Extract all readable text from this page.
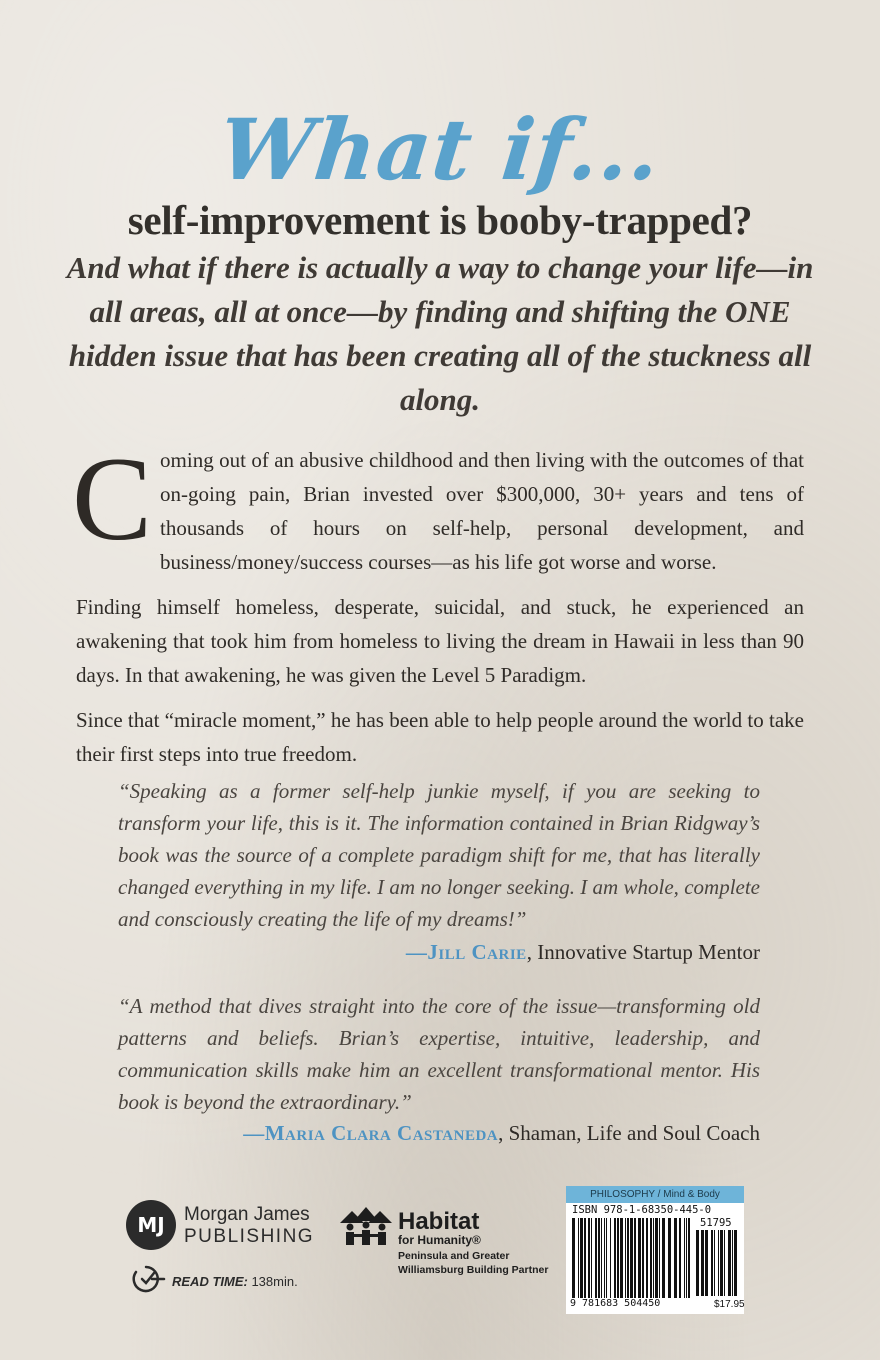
What if...
self-improvement is booby-trapped?
And what if there is actually a way to change your life—in all areas, all at once—by finding and shifting the ONE hidden issue that has been creating all of the stuckness all along.
Coming out of an abusive childhood and then living with the outcomes of that on-going pain, Brian invested over $300,000, 30+ years and tens of thousands of hours on self-help, personal development, and business/money/success courses—as his life got worse and worse.
Finding himself homeless, desperate, suicidal, and stuck, he experienced an awakening that took him from homeless to living the dream in Hawaii in less than 90 days. In that awakening, he was given the Level 5 Paradigm.
Since that “miracle moment,” he has been able to help people around the world to take their first steps into true freedom.
“Speaking as a former self-help junkie myself, if you are seeking to transform your life, this is it. The information contained in Brian Ridgway’s book was the source of a complete paradigm shift for me, that has literally changed everything in my life. I am no longer seeking. I am whole, complete and consciously creating the life of my dreams!”
—Jill Carie, Innovative Startup Mentor
“A method that dives straight into the core of the issue—transforming old patterns and beliefs. Brian’s expertise, intuitive, leadership, and communication skills make him an excellent transformational mentor. His book is beyond the extraordinary.”
—Maria Clara Castaneda, Shaman, Life and Soul Coach
MJ	Morgan James
PUBLISHING
Habitat
for Humanity®
Peninsula and Greater
Williamsburg Building Partner
READ TIME: 138min.
PHILOSOPHY / Mind & Body
ISBN 978-1-68350-445-0
51795
9 781683 504450	$17.95
